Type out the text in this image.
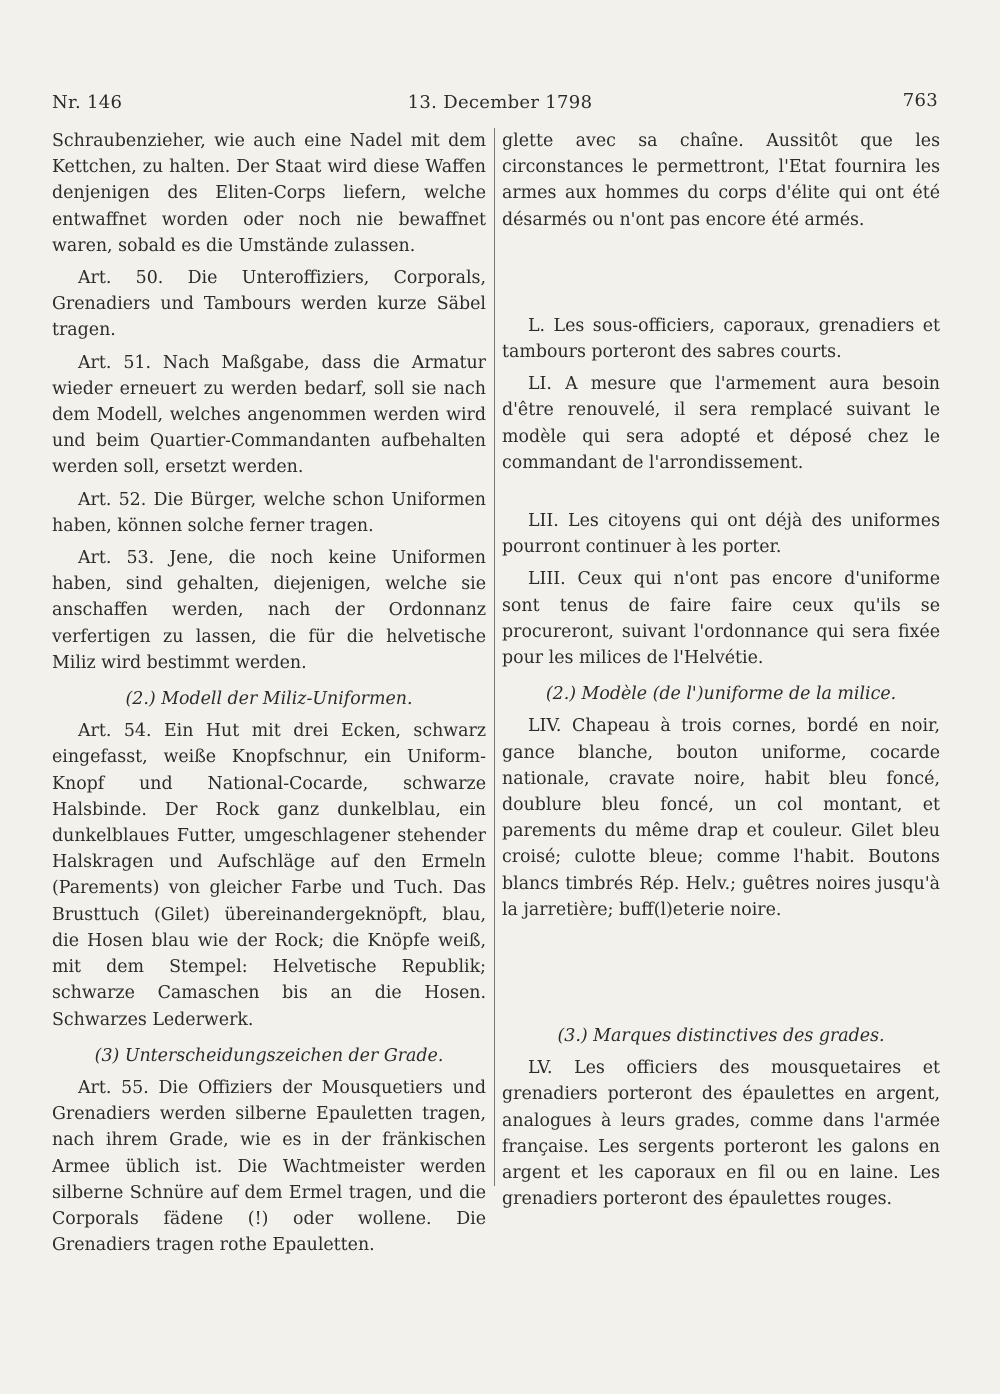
Nr. 146	13. December 1798	763

Schraubenzieher, wie auch eine Nadel mit dem Kettchen, zu halten. Der Staat wird diese Waffen denjenigen des Eliten-Corps liefern, welche entwaffnet worden oder noch nie bewaffnet waren, sobald es die Umstände zulassen.

Art. 50. Die Unteroffiziers, Corporals, Grenadiers und Tambours werden kurze Säbel tragen.

Art. 51. Nach Maßgabe, dass die Armatur wieder erneuert zu werden bedarf, soll sie nach dem Modell, welches angenommen werden wird und beim Quartier-Commandanten aufbehalten werden soll, ersetzt werden.

Art. 52. Die Bürger, welche schon Uniformen haben, können solche ferner tragen.

Art. 53. Jene, die noch keine Uniformen haben, sind gehalten, diejenigen, welche sie anschaffen werden, nach der Ordonnanz verfertigen zu lassen, die für die helvetische Miliz wird bestimmt werden.

(2.) Modell der Miliz-Uniformen.

Art. 54. Ein Hut mit drei Ecken, schwarz eingefasst, weiße Knopfschnur, ein Uniform-Knopf und National-Cocarde, schwarze Halsbinde. Der Rock ganz dunkelblau, ein dunkelblaues Futter, umgeschlagener stehender Halskragen und Aufschläge auf den Ermeln (Parements) von gleicher Farbe und Tuch. Das Brusttuch (Gilet) übereinandergeknöpft, blau, die Hosen blau wie der Rock; die Knöpfe weiß, mit dem Stempel: Helvetische Republik; schwarze Camaschen bis an die Hosen. Schwarzes Lederwerk.

(3) Unterscheidungszeichen der Grade.

Art. 55. Die Offiziers der Mousquetiers und Grenadiers werden silberne Epauletten tragen, nach ihrem Grade, wie es in der fränkischen Armee üblich ist. Die Wachtmeister werden silberne Schnüre auf dem Ermel tragen, und die Corporals fädene (!) oder wollene. Die Grenadiers tragen rothe Epauletten.

glette avec sa chaîne. Aussitôt que les circonstances le permettront, l'Etat fournira les armes aux hommes du corps d'élite qui ont été désarmés ou n'ont pas encore été armés.

L. Les sous-officiers, caporaux, grenadiers et tambours porteront des sabres courts.

LI. A mesure que l'armement aura besoin d'être renouvelé, il sera remplacé suivant le modèle qui sera adopté et déposé chez le commandant de l'arrondissement.

LII. Les citoyens qui ont déjà des uniformes pourront continuer à les porter.

LIII. Ceux qui n'ont pas encore d'uniforme sont tenus de faire faire ceux qu'ils se procureront, suivant l'ordonnance qui sera fixée pour les milices de l'Helvétie.

(2.) Modèle (de l')uniforme de la milice.

LIV. Chapeau à trois cornes, bordé en noir, gance blanche, bouton uniforme, cocarde nationale, cravate noire, habit bleu foncé, doublure bleu foncé, un col montant, et parements du même drap et couleur. Gilet bleu croisé; culotte bleue; comme l'habit. Boutons blancs timbrés Rép. Helv.; guêtres noires jusqu'à la jarretière; buff(l)eterie noire.

(3.) Marques distinctives des grades.

LV. Les officiers des mousquetaires et grenadiers porteront des épaulettes en argent, analogues à leurs grades, comme dans l'armée française. Les sergents porteront les galons en argent et les caporaux en fil ou en laine. Les grenadiers porteront des épaulettes rouges.
